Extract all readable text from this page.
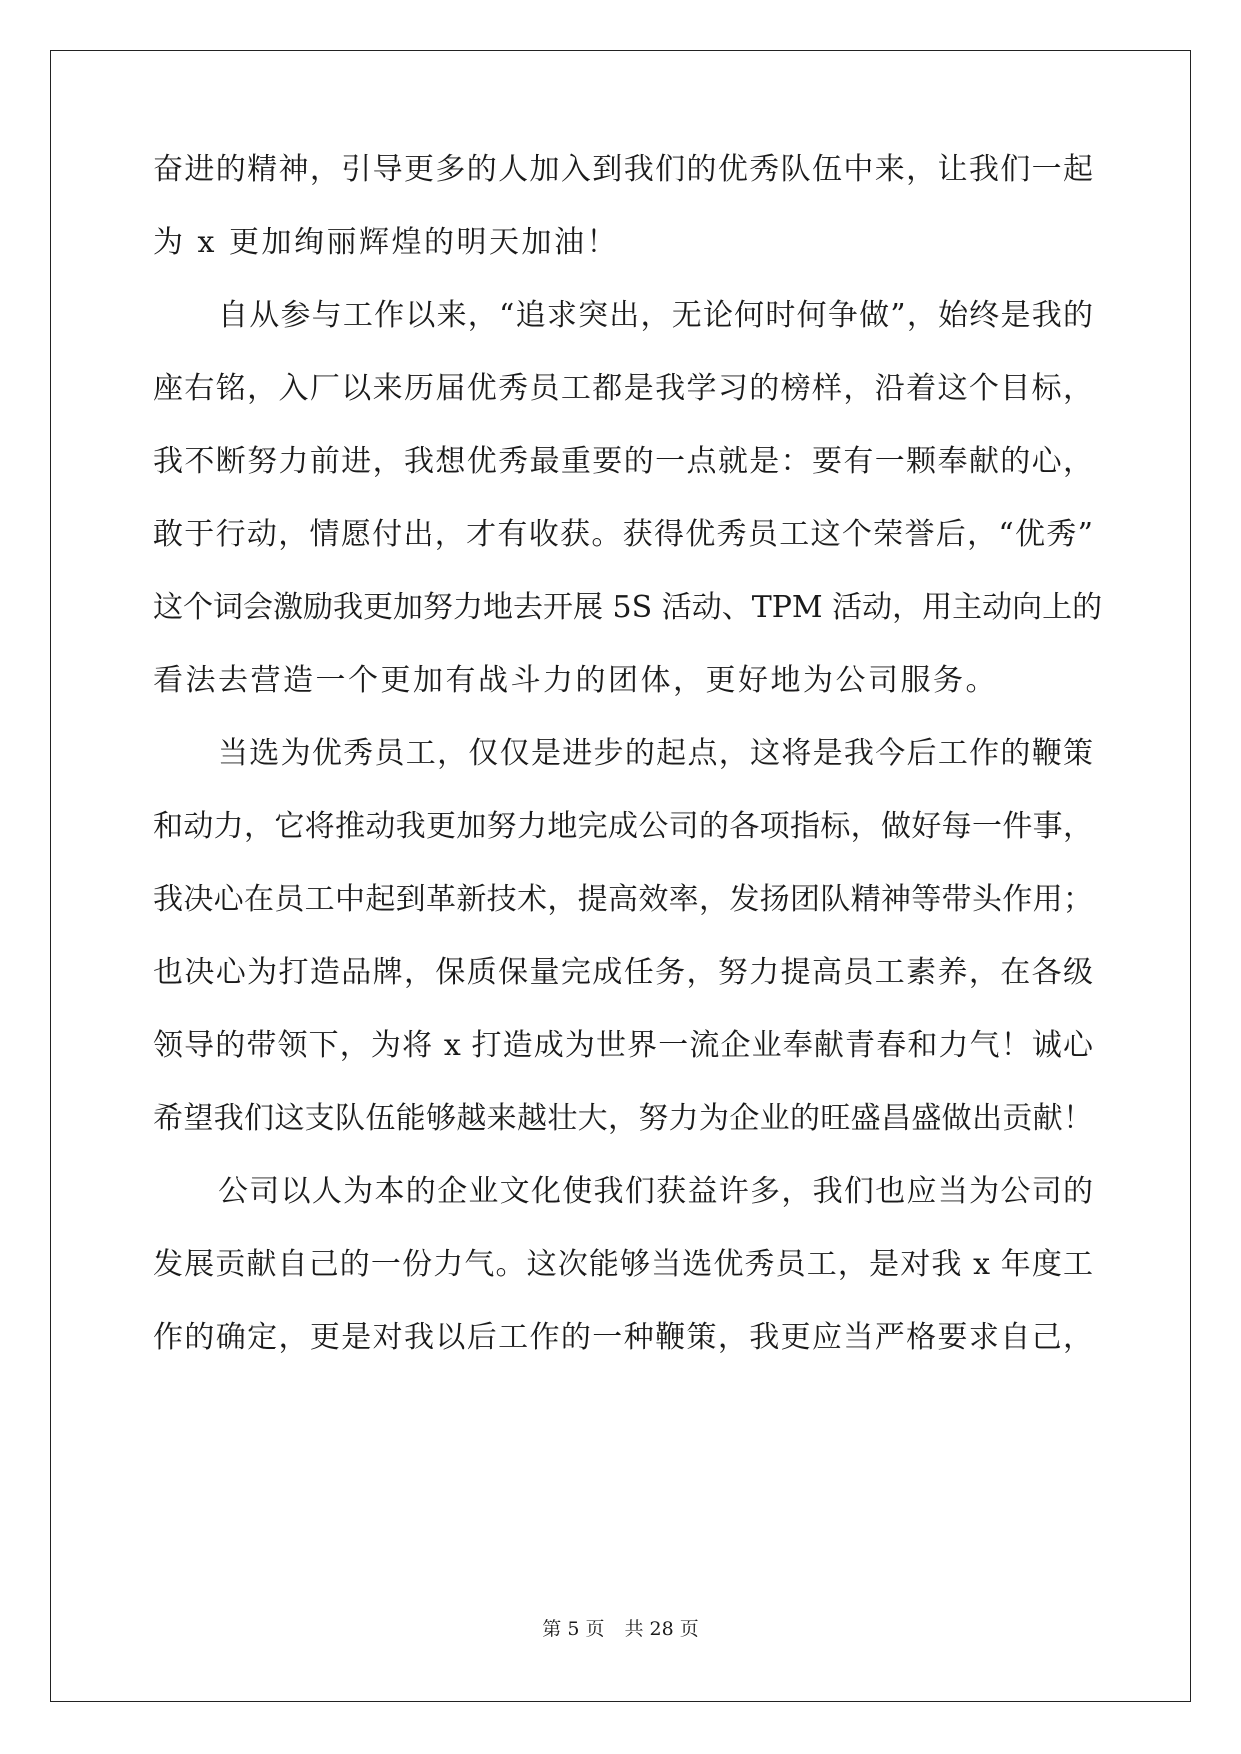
奋进的精神，引导更多的人加入到我们的优秀队伍中来，让我们一起
为 x 更加绚丽辉煌的明天加油！
自从参与工作以来，“追求突出，无论何时何争做”，始终是我的
座右铭，入厂以来历届优秀员工都是我学习的榜样，沿着这个目标，
我不断努力前进，我想优秀最重要的一点就是：要有一颗奉献的心，
敢于行动，情愿付出，才有收获。获得优秀员工这个荣誉后，“优秀”
这个词会激励我更加努力地去开展 5S 活动、TPM 活动，用主动向上的
看法去营造一个更加有战斗力的团体，更好地为公司服务。
当选为优秀员工，仅仅是进步的起点，这将是我今后工作的鞭策
和动力，它将推动我更加努力地完成公司的各项指标，做好每一件事，
我决心在员工中起到革新技术，提高效率，发扬团队精神等带头作用；
也决心为打造品牌，保质保量完成任务，努力提高员工素养，在各级
领导的带领下，为将 x 打造成为世界一流企业奉献青春和力气！诚心
希望我们这支队伍能够越来越壮大，努力为企业的旺盛昌盛做出贡献！
公司以人为本的企业文化使我们获益许多，我们也应当为公司的
发展贡献自己的一份力气。这次能够当选优秀员工，是对我 x 年度工
作的确定，更是对我以后工作的一种鞭策，我更应当严格要求自己，
第 5 页 共 28 页
